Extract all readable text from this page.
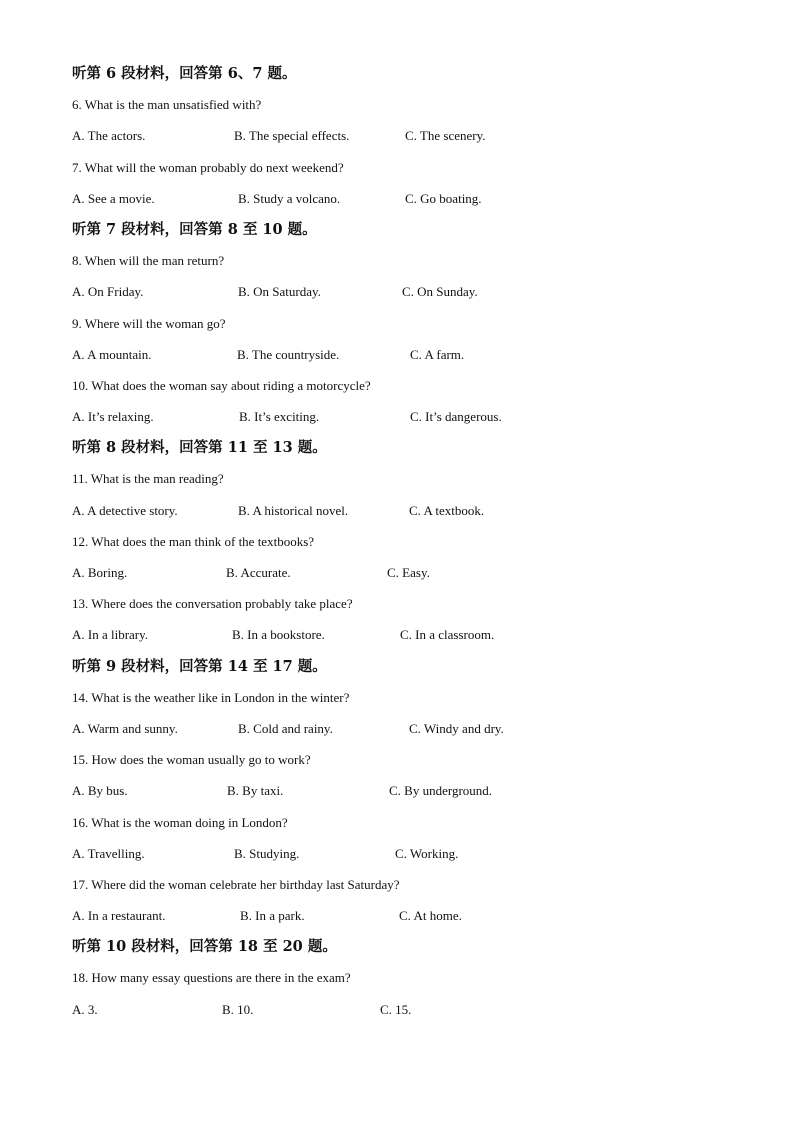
听第 6 段材料，回答第 6、7 题。
6. What is the man unsatisfied with?
A. The actors.	B. The special effects.	C. The scenery.
7. What will the woman probably do next weekend?
A. See a movie.	B. Study a volcano.	C. Go boating.
听第 7 段材料，回答第 8 至 10 题。
8. When will the man return?
A. On Friday.	B. On Saturday.	C. On Sunday.
9. Where will the woman go?
A. A mountain.	B. The countryside.	C. A farm.
10. What does the woman say about riding a motorcycle?
A. It’s relaxing.	B. It’s exciting.	C. It’s dangerous.
听第 8 段材料，回答第 11 至 13 题。
11. What is the man reading?
A. A detective story.	B. A historical novel.	C. A textbook.
12. What does the man think of the textbooks?
A. Boring.	B. Accurate.	C. Easy.
13. Where does the conversation probably take place?
A. In a library.	B. In a bookstore.	C. In a classroom.
听第 9 段材料，回答第 14 至 17 题。
14. What is the weather like in London in the winter?
A. Warm and sunny.	B. Cold and rainy.	C. Windy and dry.
15. How does the woman usually go to work?
A. By bus.	B. By taxi.	C. By underground.
16. What is the woman doing in London?
A. Travelling.	B. Studying.	C. Working.
17. Where did the woman celebrate her birthday last Saturday?
A. In a restaurant.	B. In a park.	C. At home.
听第 10 段材料，回答第 18 至 20 题。
18. How many essay questions are there in the exam?
A. 3.	B. 10.	C. 15.
